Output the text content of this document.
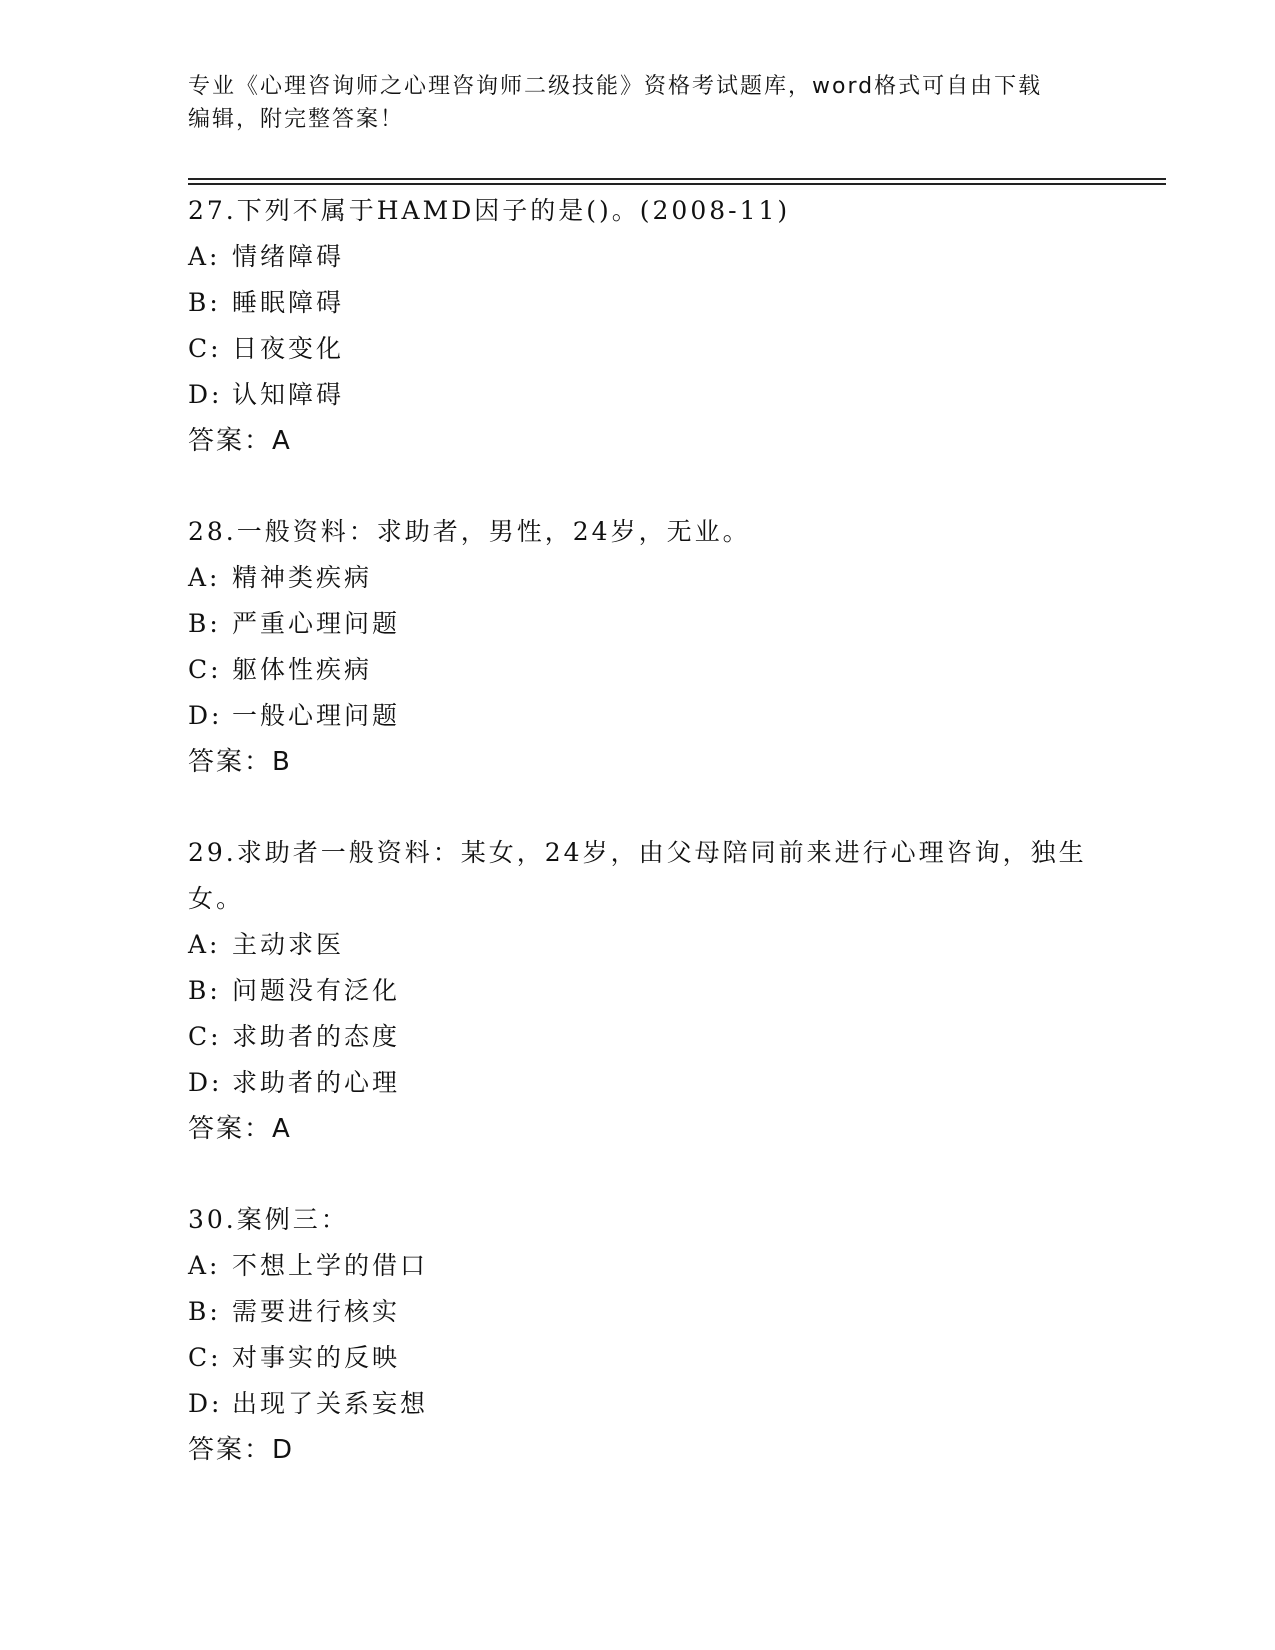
专业《心理咨询师之心理咨询师二级技能》资格考试题库，word格式可自由下载
编辑，附完整答案！
27.下列不属于HAMD因子的是()。(2008-11)
A: 情绪障碍
B: 睡眠障碍
C: 日夜变化
D: 认知障碍
答案：A
28.一般资料：求助者，男性，24岁，无业。
A: 精神类疾病
B: 严重心理问题
C: 躯体性疾病
D: 一般心理问题
答案：B
29.求助者一般资料：某女，24岁，由父母陪同前来进行心理咨询，独生女。
A: 主动求医
B: 问题没有泛化
C: 求助者的态度
D: 求助者的心理
答案：A
30.案例三：
A: 不想上学的借口
B: 需要进行核实
C: 对事实的反映
D: 出现了关系妄想
答案：D
